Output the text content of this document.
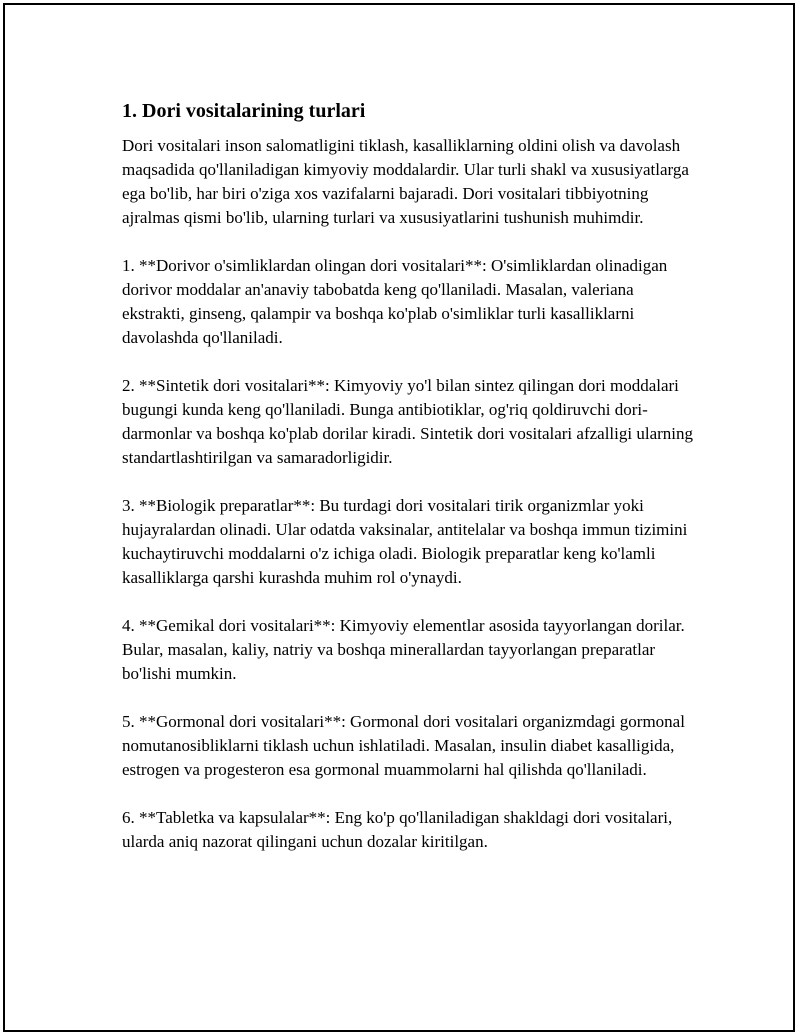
1. Dori vositalarining turlari

Dori vositalari inson salomatligini tiklash, kasalliklarning oldini olish va davolash maqsadida qo'llaniladigan kimyoviy moddalardir. Ular turli shakl va xususiyatlarga ega bo'lib, har biri o'ziga xos vazifalarni bajaradi. Dori vositalari tibbiyotning ajralmas qismi bo'lib, ularning turlari va xususiyatlarini tushunish muhimdir.

1. **Dorivor o'simliklardan olingan dori vositalari**: O'simliklardan olinadigan dorivor moddalar an'anaviy tabobatda keng qo'llaniladi. Masalan, valeriana ekstrakti, ginseng, qalampir va boshqa ko'plab o'simliklar turli kasalliklarni davolashda qo'llaniladi.

2. **Sintetik dori vositalari**: Kimyoviy yo'l bilan sintez qilingan dori moddalari bugungi kunda keng qo'llaniladi. Bunga antibiotiklar, og'riq qoldiruvchi dori-darmonlar va boshqa ko'plab dorilar kiradi. Sintetik dori vositalari afzalligi ularning standartlashtirilgan va samaradorligidir.

3. **Biologik preparatlar**: Bu turdagi dori vositalari tirik organizmlar yoki hujayralardan olinadi. Ular odatda vaksinalar, antitelalar va boshqa immun tizimini kuchaytiruvchi moddalarni o'z ichiga oladi. Biologik preparatlar keng ko'lamli kasalliklarga qarshi kurashda muhim rol o'ynaydi.

4. **Gemikal dori vositalari**: Kimyoviy elementlar asosida tayyorlangan dorilar. Bular, masalan, kaliy, natriy va boshqa minerallardan tayyorlangan preparatlar bo'lishi mumkin.

5. **Gormonal dori vositalari**: Gormonal dori vositalari organizmdagi gormonal nomutanosibliklarni tiklash uchun ishlatiladi. Masalan, insulin diabet kasalligida, estrogen va progesteron esa gormonal muammolarni hal qilishda qo'llaniladi.

6. **Tabletka va kapsulalar**: Eng ko'p qo'llaniladigan shakldagi dori vositalari, ularda aniq nazorat qilingani uchun dozalar kiritilgan.
